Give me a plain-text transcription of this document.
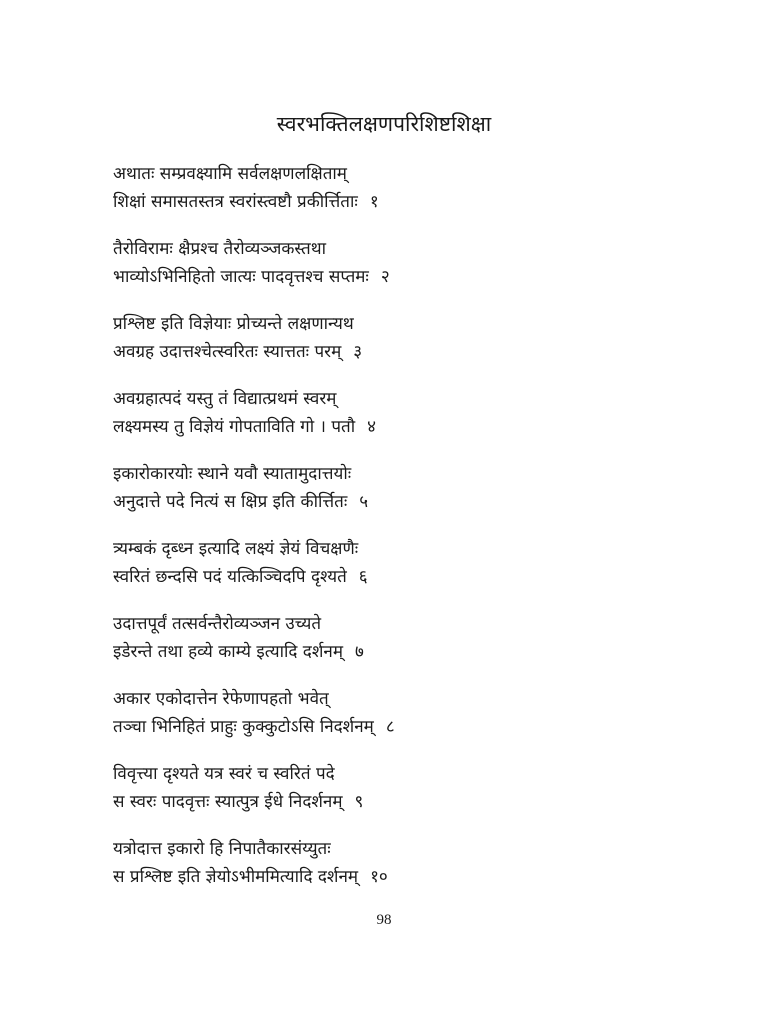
स्वरभक्तिलक्षणपरिशिष्टशिक्षा
अथातः सम्प्रवक्ष्यामि सर्वलक्षणलक्षिताम्
शिक्षां समासतस्तत्र स्वरांस्त्वष्टौ प्रकीर्त्तिताः १
तैरोविरामः क्षैप्रश्च तैरोव्यञ्जकस्तथा
भाव्योऽभिनिहितो जात्यः पादवृत्तश्च सप्तमः २
प्रश्लिष्ट इति विज्ञेयाः प्रोच्यन्ते लक्षणान्यथ
अवग्रह उदात्तश्चेत्स्वरितः स्यात्ततः परम् ३
अवग्रहात्पदं यस्तु तं विद्यात्प्रथमं स्वरम्
लक्ष्यमस्य तु विज्ञेयं गोपताविति गो । पतौ ४
इकारोकारयोः स्थाने यवौ स्यातामुदात्तयोः
अनुदात्ते पदे नित्यं स क्षिप्र इति कीर्त्तितः ५
त्र्यम्बकं दृब्ध्न इत्यादि लक्ष्यं ज्ञेयं विचक्षणैः
स्वरितं छन्दसि पदं यत्किञ्चिदपि दृश्यते ६
उदात्तपूर्वं तत्सर्वन्तैरोव्यञ्जन उच्यते
इडेरन्ते तथा हव्ये काम्ये इत्यादि दर्शनम् ७
अकार एकोदात्तेन रेफेणापहतो भवेत्
तञ्चा भिनिहितं प्राहुः कुक्कुटोऽसि निदर्शनम् ८
विवृत्त्या दृश्यते यत्र स्वरं च स्वरितं पदे
स स्वरः पादवृत्तः स्यात्पुत्र ईधे निदर्शनम् ९
यत्रोदात्त इकारो हि निपातैकारसंय्युतः
स प्रश्लिष्ट इति ज्ञेयोऽभीममित्यादि दर्शनम् १०
98
